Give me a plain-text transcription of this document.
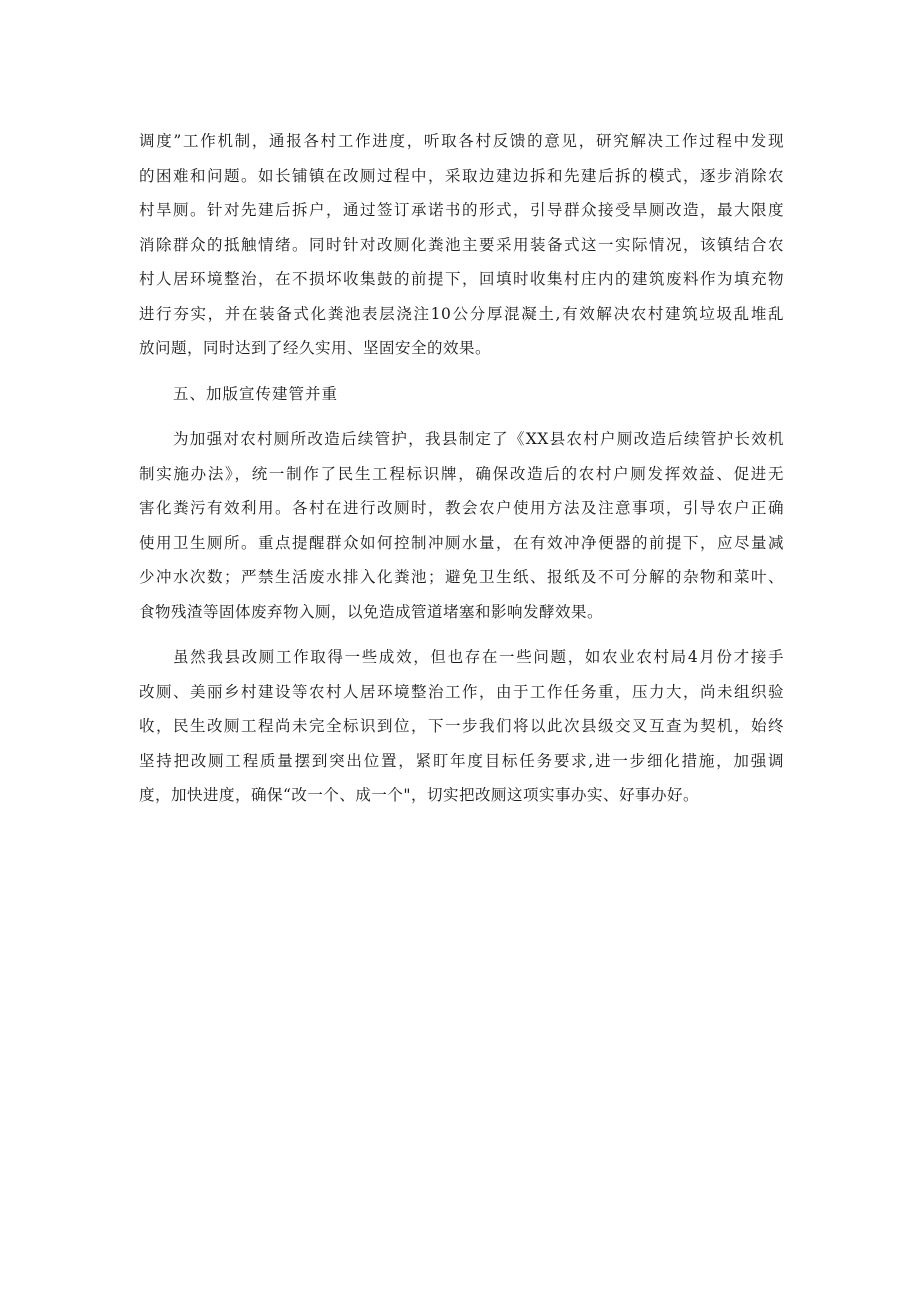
调度”工作机制，通报各村工作进度，听取各村反馈的意见，研究解决工作过程中发现
的困难和问题。如长铺镇在改厕过程中，采取边建边拆和先建后拆的模式，逐步消除农
村旱厕。针对先建后拆户，通过签订承诺书的形式，引导群众接受旱厕改造，最大限度
消除群众的抵触情绪。同时针对改厕化粪池主要采用装备式这一实际情况，该镇结合农
村人居环境整治，在不损坏收集鼓的前提下，回填时收集村庄内的建筑废料作为填充物
进行夯实，并在装备式化粪池表层浇注10公分厚混凝土,有效解决农村建筑垃圾乱堆乱
放问题，同时达到了经久实用、坚固安全的效果。
五、加版宣传建管并重
为加强对农村厕所改造后续管护，我县制定了《XX县农村户厕改造后续管护长效机
制实施办法》，统一制作了民生工程标识牌，确保改造后的农村户厕发挥效益、促进无
害化粪污有效利用。各村在进行改厕时，教会农户使用方法及注意事项，引导农户正确
使用卫生厕所。重点提醒群众如何控制冲厕水量，在有效冲净便器的前提下，应尽量减
少冲水次数；严禁生活废水排入化粪池；避免卫生纸、报纸及不可分解的杂物和菜叶、
食物残渣等固体废弃物入厕，以免造成管道堵塞和影响发酵效果。
虽然我县改厕工作取得一些成效，但也存在一些问题，如农业农村局4月份才接手
改厕、美丽乡村建设等农村人居环境整治工作，由于工作任务重，压力大，尚未组织验
收，民生改厕工程尚未完全标识到位，下一步我们将以此次县级交叉互查为契机，始终
坚持把改厕工程质量摆到突出位置，紧盯年度目标任务要求,进一步细化措施，加强调
度，加快进度，确保“改一个、成一个"，切实把改厕这项实事办实、好事办好。
